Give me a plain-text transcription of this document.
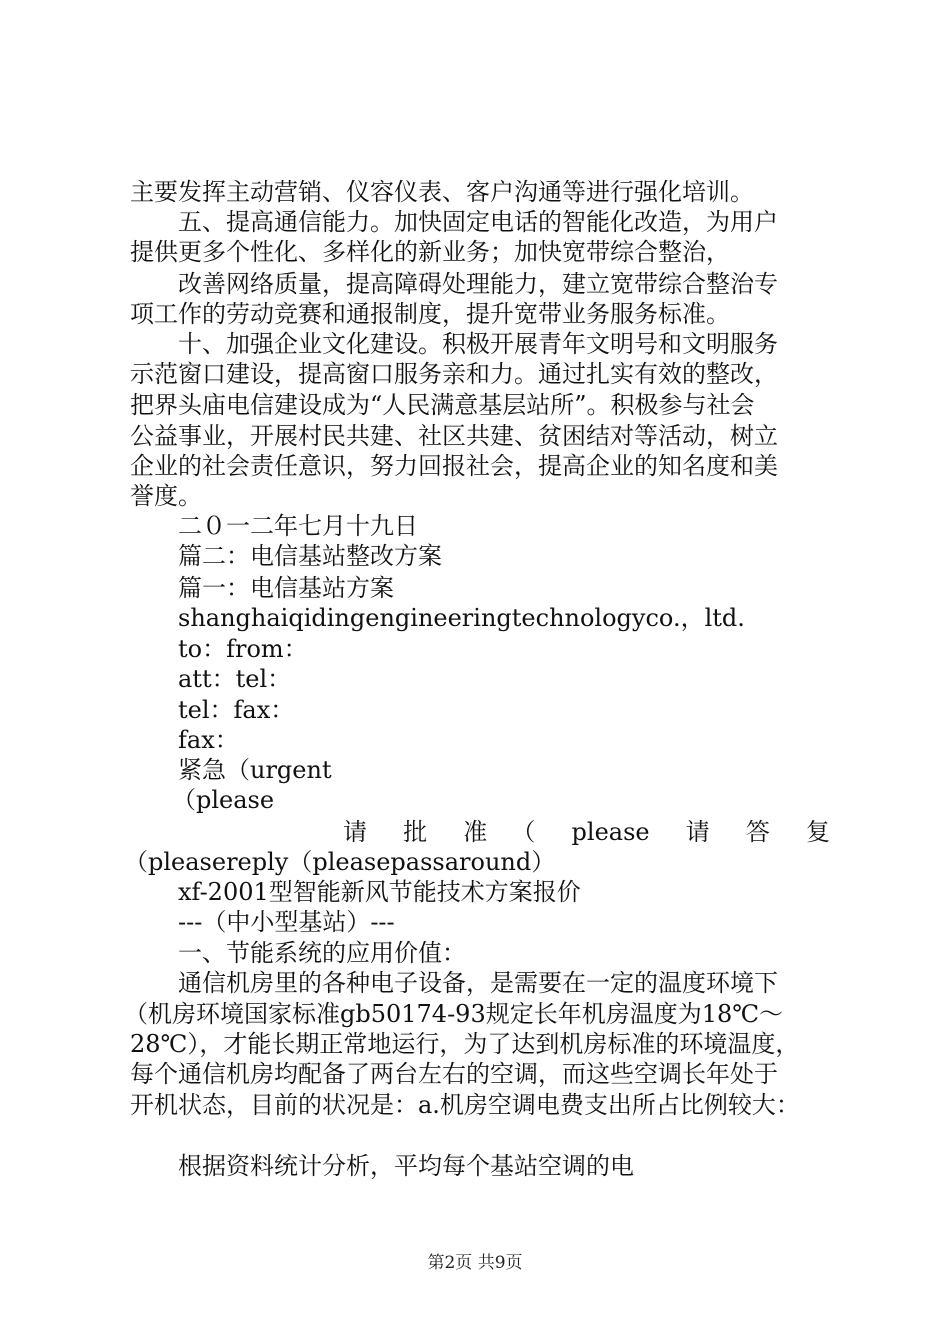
主要发挥主动营销、仪容仪表、客户沟通等进行强化培训。
五、提高通信能力。加快固定电话的智能化改造，为用户
提供更多个性化、多样化的新业务；加快宽带综合整治，
改善网络质量，提高障碍处理能力，建立宽带综合整治专
项工作的劳动竞赛和通报制度，提升宽带业务服务标准。
十、加强企业文化建设。积极开展青年文明号和文明服务
示范窗口建设，提高窗口服务亲和力。通过扎实有效的整改，
把界头庙电信建设成为“人民满意基层站所”。积极参与社会
公益事业，开展村民共建、社区共建、贫困结对等活动，树立
企业的社会责任意识，努力回报社会，提高企业的知名度和美
誉度。
二０一二年七月十九日
篇二：电信基站整改方案
篇一：电信基站方案
shanghaiqidingengineeringtechnologyco.，ltd.
to：from：
att：tel：
tel：fax：
fax：
紧急（urgent
（please
请　批　准　（　please　请　答　复
（pleasereply（pleasepassaround）
xf-2001型智能新风节能技术方案报价
---（中小型基站）---
一、节能系统的应用价值：
通信机房里的各种电子设备，是需要在一定的温度环境下
（机房环境国家标准gb50174-93规定长年机房温度为18℃～
28℃），才能长期正常地运行，为了达到机房标准的环境温度，
每个通信机房均配备了两台左右的空调，而这些空调长年处于
开机状态，目前的状况是：a.机房空调电费支出所占比例较大：
根据资料统计分析，平均每个基站空调的电
第2页 共9页
